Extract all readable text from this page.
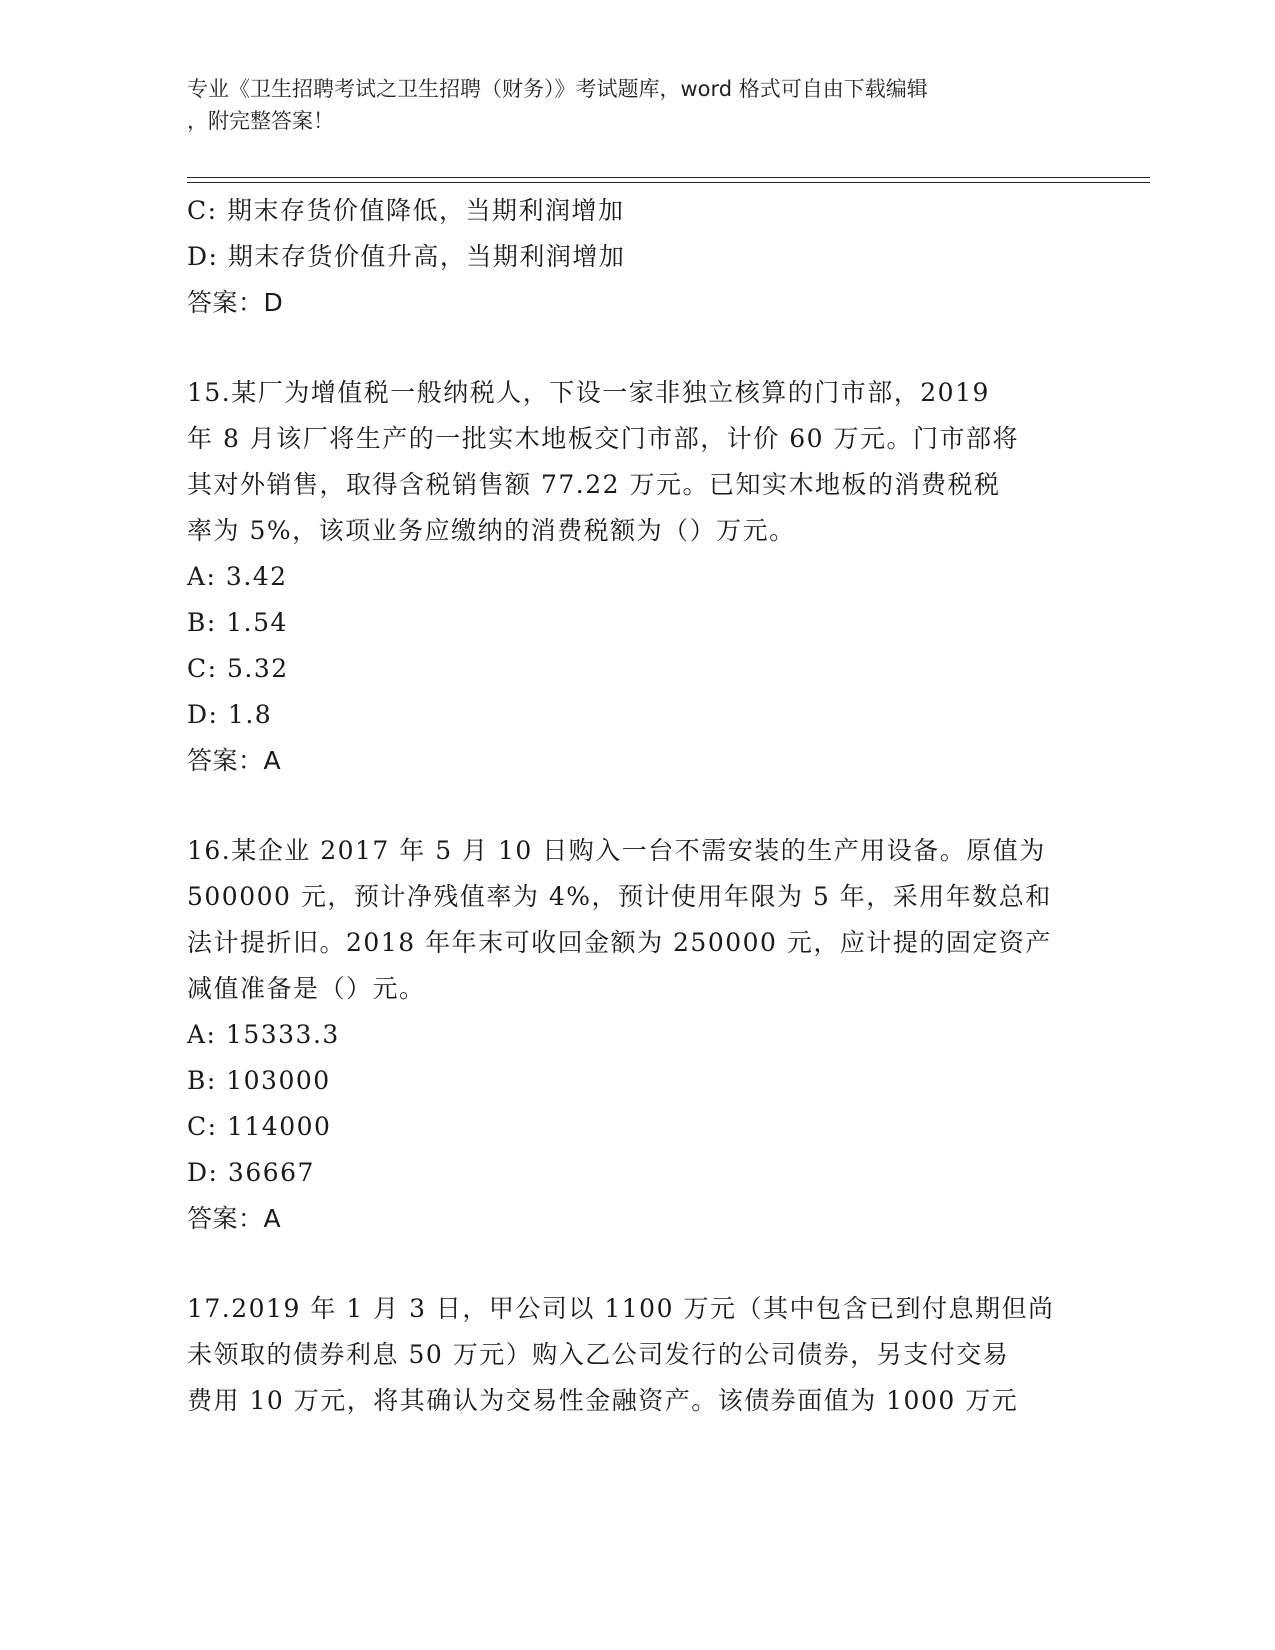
专业《卫生招聘考试之卫生招聘（财务）》考试题库，word 格式可自由下载编辑
，附完整答案！
C: 期末存货价值降低，当期利润增加
D: 期末存货价值升高，当期利润增加
答案：D
15.某厂为增值税一般纳税人，下设一家非独立核算的门市部，2019
年 8 月该厂将生产的一批实木地板交门市部，计价 60 万元。门市部将
其对外销售，取得含税销售额 77.22 万元。已知实木地板的消费税税
率为 5%，该项业务应缴纳的消费税额为（）万元。
A: 3.42
B: 1.54
C: 5.32
D: 1.8
答案：A
16.某企业 2017 年 5 月 10 日购入一台不需安装的生产用设备。原值为
500000 元，预计净残值率为 4%，预计使用年限为 5 年，采用年数总和
法计提折旧。2018 年年末可收回金额为 250000 元，应计提的固定资产
减值准备是（）元。
A: 15333.3
B: 103000
C: 114000
D: 36667
答案：A
17.2019 年 1 月 3 日，甲公司以 1100 万元（其中包含已到付息期但尚
未领取的债券利息 50 万元）购入乙公司发行的公司债券，另支付交易
费用 10 万元，将其确认为交易性金融资产。该债券面值为 1000 万元
